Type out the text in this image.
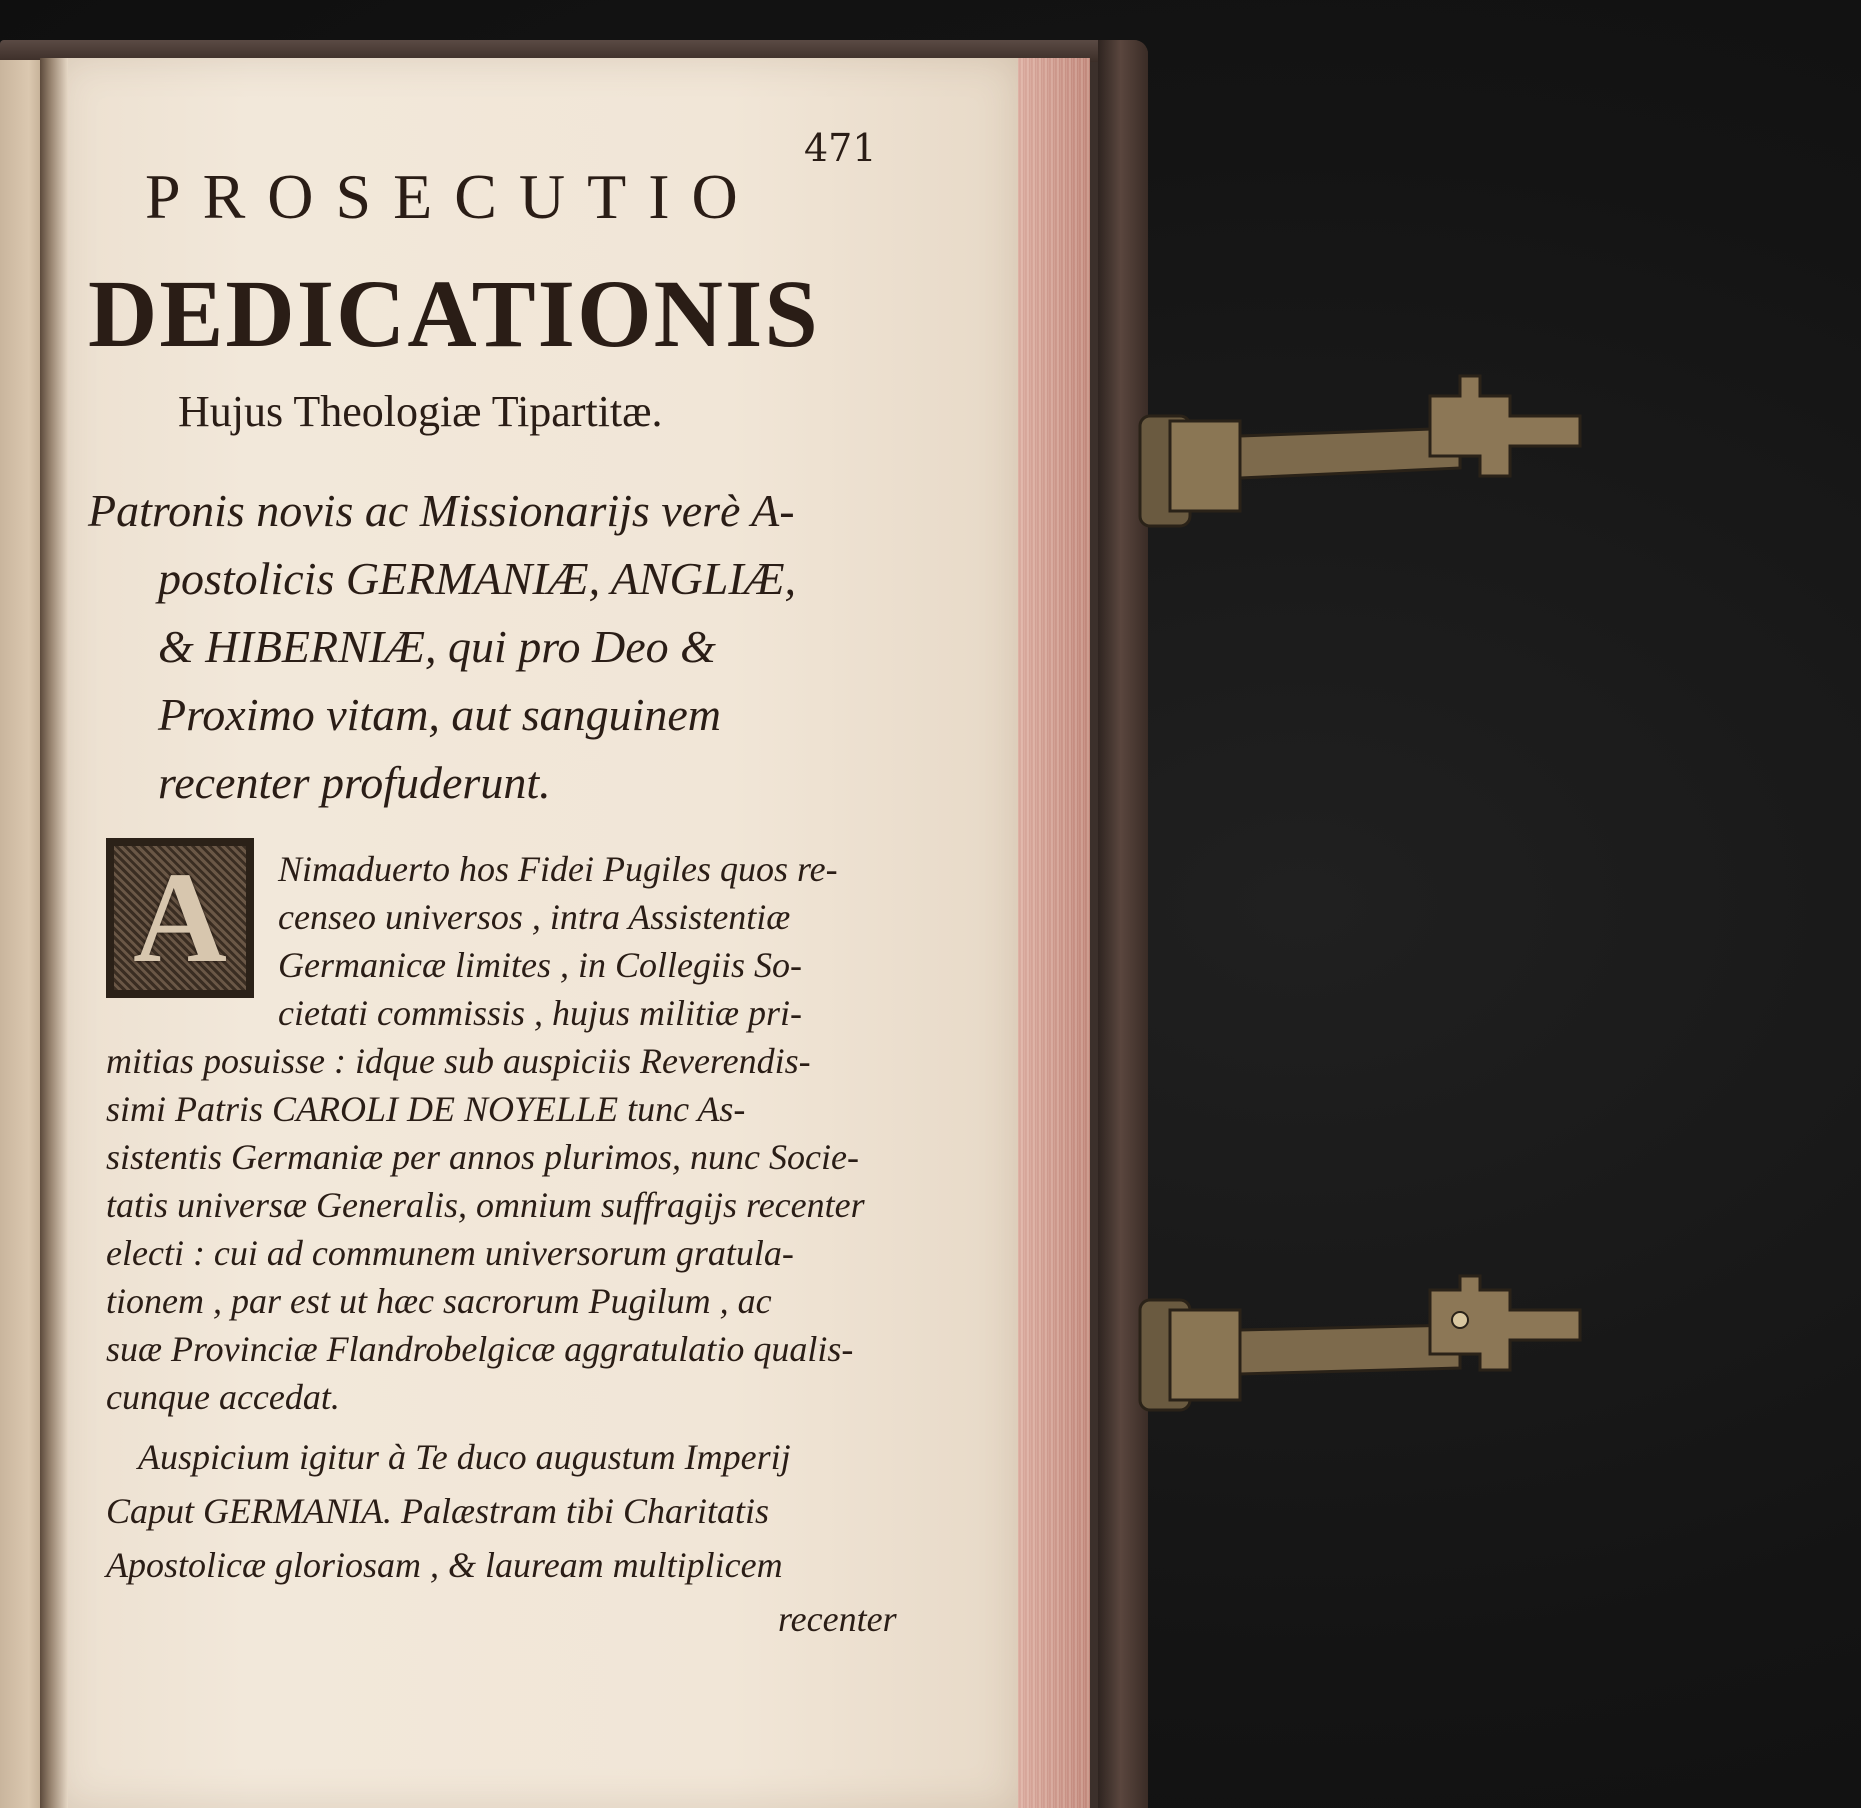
471
PROSECUTIO
DEDICATIONIS
Hujus Theologiæ Tipartitæ.
Patronis novis ac Missionarijs verè A-
postolicis GERMANIÆ, ANGLIÆ,
& HIBERNIÆ, qui pro Deo &
Proximo vitam, aut sanguinem
recenter profuderunt.
A Nimaduerto hos Fidei Pugiles quos re-
censeo universos , intra Assistentiæ
Germanicæ limites , in Collegiis So-
cietati commissis , hujus militiæ pri-
mitias posuisse : idque sub auspiciis Reverendis-
simi Patris CAROLI DE NOYELLE tunc As-
sistentis Germaniæ per annos plurimos, nunc Socie-
tatis universæ Generalis, omnium suffragijs recenter
electi : cui ad communem universorum gratula-
tionem , par est ut hæc sacrorum Pugilum , ac
suæ Provinciæ Flandrobelgicæ aggratulatio qualis-
cunque accedat.
Auspicium igitur à Te duco augustum Imperij
Caput GERMANIA. Palæstram tibi Charitatis
Apostolicæ gloriosam , & lauream multiplicem
recenter
